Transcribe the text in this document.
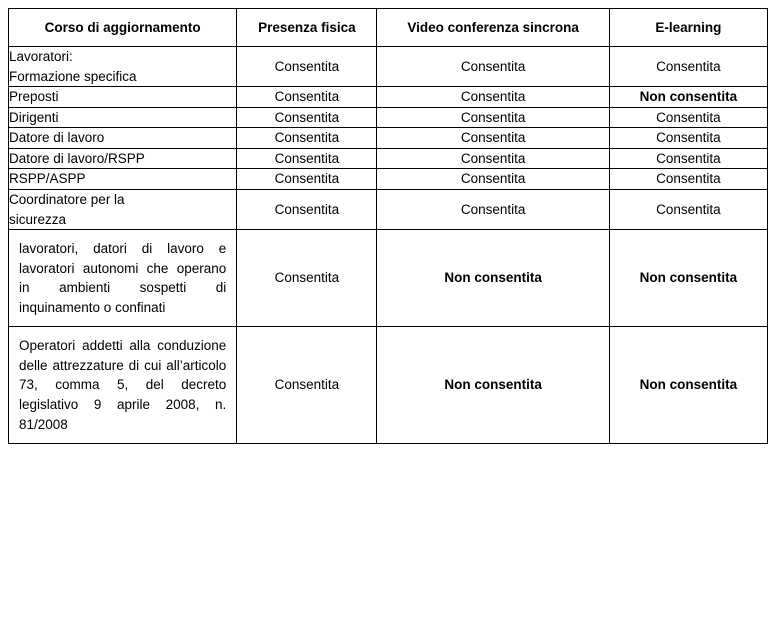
Corso di aggiornamento	Presenza fisica	Video conferenza sincrona	E-learning

Lavoratori:
Formazione specifica	Consentita	Consentita	Consentita

Preposti	Consentita	Consentita	Non consentita

Dirigenti	Consentita	Consentita	Consentita

Datore di lavoro	Consentita	Consentita	Consentita

Datore di lavoro/RSPP	Consentita	Consentita	Consentita

RSPP/ASPP	Consentita	Consentita	Consentita

Coordinatore per la
sicurezza	Consentita	Consentita	Consentita

lavoratori, datori di lavoro e lavoratori autonomi che operano in ambienti sospetti di inquinamento o confinati	Consentita	Non consentita	Non consentita

Operatori addetti alla conduzione delle attrezzature di cui all’articolo 73, comma 5, del decreto legislativo 9 aprile 2008, n. 81/2008	Consentita	Non consentita	Non consentita
